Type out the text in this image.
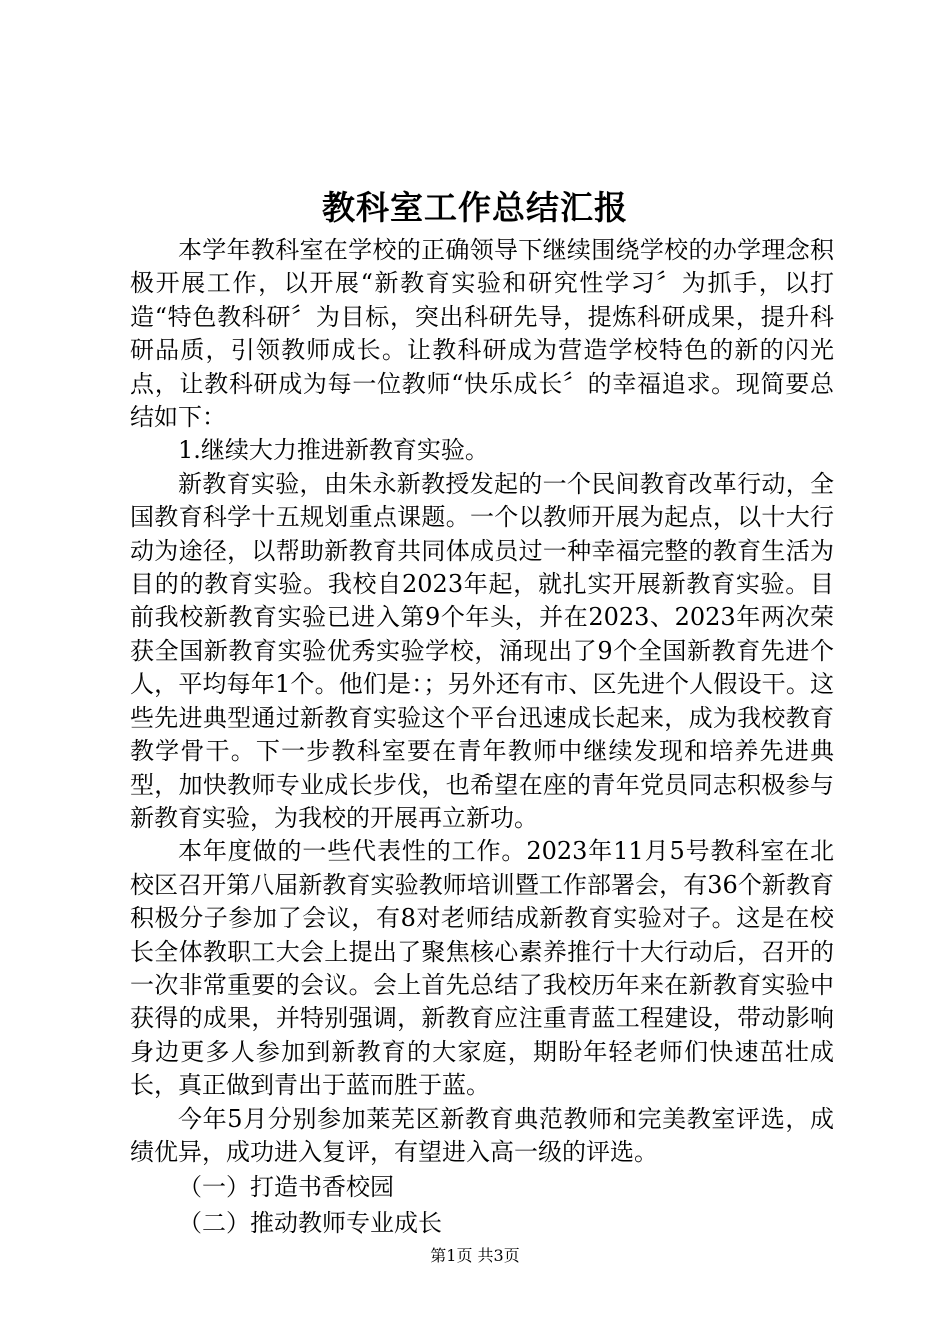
教科室工作总结汇报

本学年教科室在学校的正确领导下继续围绕学校的办学理念积极开展工作，以开展“新教育实验和研究性学习〞为抓手，以打造“特色教科研〞为目标，突出科研先导，提炼科研成果，提升科研品质，引领教师成长。让教科研成为营造学校特色的新的闪光点，让教科研成为每一位教师“快乐成长〞的幸福追求。现简要总结如下：

1.继续大力推进新教育实验。

新教育实验，由朱永新教授发起的一个民间教育改革行动，全国教育科学十五规划重点课题。一个以教师开展为起点，以十大行动为途径，以帮助新教育共同体成员过一种幸福完整的教育生活为目的的教育实验。我校自2023年起，就扎实开展新教育实验。目前我校新教育实验已进入第9个年头，并在2023、2023年两次荣获全国新教育实验优秀实验学校，涌现出了9个全国新教育先进个人，平均每年1个。他们是：；另外还有市、区先进个人假设干。这些先进典型通过新教育实验这个平台迅速成长起来，成为我校教育教学骨干。下一步教科室要在青年教师中继续发现和培养先进典型，加快教师专业成长步伐，也希望在座的青年党员同志积极参与新教育实验，为我校的开展再立新功。

本年度做的一些代表性的工作。2023年11月5号教科室在北校区召开第八届新教育实验教师培训暨工作部署会，有36个新教育积极分子参加了会议，有8对老师结成新教育实验对子。这是在校长全体教职工大会上提出了聚焦核心素养推行十大行动后，召开的一次非常重要的会议。会上首先总结了我校历年来在新教育实验中获得的成果，并特别强调，新教育应注重青蓝工程建设，带动影响身边更多人参加到新教育的大家庭，期盼年轻老师们快速茁壮成长，真正做到青出于蓝而胜于蓝。

今年5月分别参加莱芜区新教育典范教师和完美教室评选，成绩优异，成功进入复评，有望进入高一级的评选。

（一）打造书香校园

（二）推动教师专业成长

第1页 共3页
